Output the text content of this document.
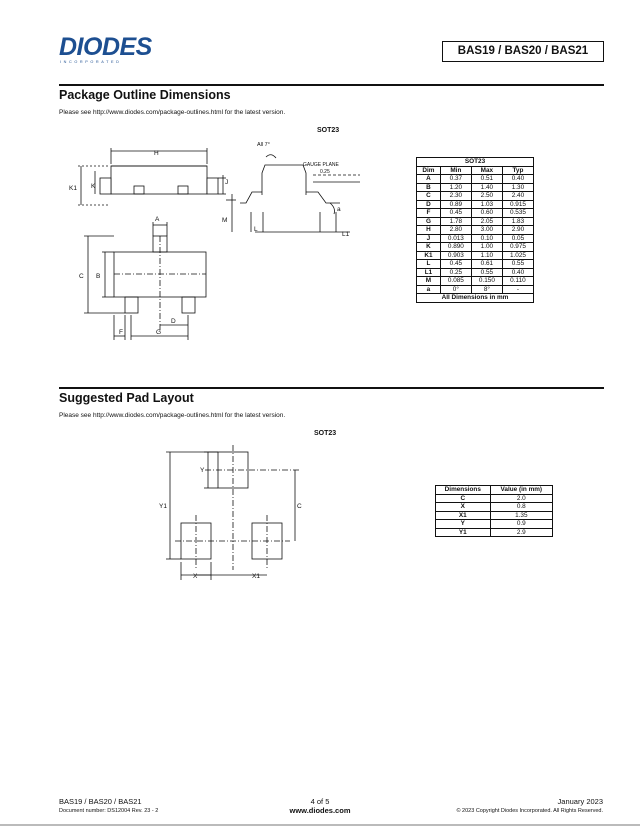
DIODES
INCORPORATED
BAS19 / BAS20 / BAS21
Package Outline Dimensions
Please see http://www.diodes.com/package-outlines.html for the latest version.
SOT23
H
K1 K
J
M
A
C B
F	G
D
L
L1
All 7°
GAUGE PLANE
0.25
a
SOT23			
Dim	Min	Max	Typ
A	0.37	0.51	0.40
B	1.20	1.40	1.30
C	2.30	2.50	2.40
D	0.89	1.03	0.915
F	0.45	0.60	0.535
G	1.78	2.05	1.83
H	2.80	3.00	2.90
J	0.013	0.10	0.05
K	0.890	1.00	0.975
K1	0.903	1.10	1.025
L	0.45	0.61	0.55
L1	0.25	0.55	0.40
M	0.085	0.150	0.110
a	0°	8°	-
All Dimensions in mm			
Suggested Pad Layout
Please see http://www.diodes.com/package-outlines.html for the latest version.
SOT23
Y
Y1	C
X	X1
Dimensions	Value (in mm)
C	2.0
X	0.8
X1	1.35
Y	0.9
Y1	2.9
BAS19 / BAS20 / BAS21
Document number: DS12004 Rev. 23 - 2
4 of 5
www.diodes.com
January 2023
© 2023 Copyright Diodes Incorporated. All Rights Reserved.
